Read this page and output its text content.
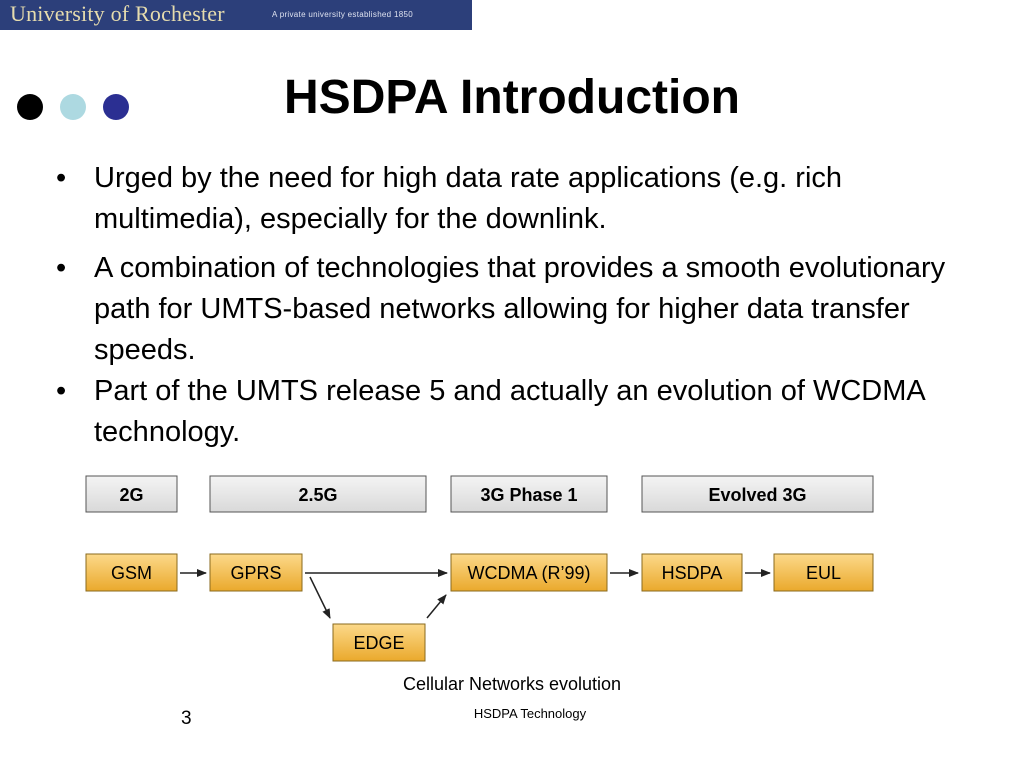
University of Rochester	A private university established 1850
HSDPA Introduction
• Urged by the need for high data rate applications (e.g. rich multimedia), especially for the downlink.
• A combination of technologies that provides a smooth evolutionary path for UMTS-based networks allowing for higher data transfer speeds.
• Part of the UMTS release 5 and actually an evolution of WCDMA technology.
2G	2.5G	3G Phase 1	Evolved 3G
GSM	GPRS	WCDMA (R’99)	HSDPA	EUL
EDGE
Cellular Networks evolution
3	HSDPA Technology
